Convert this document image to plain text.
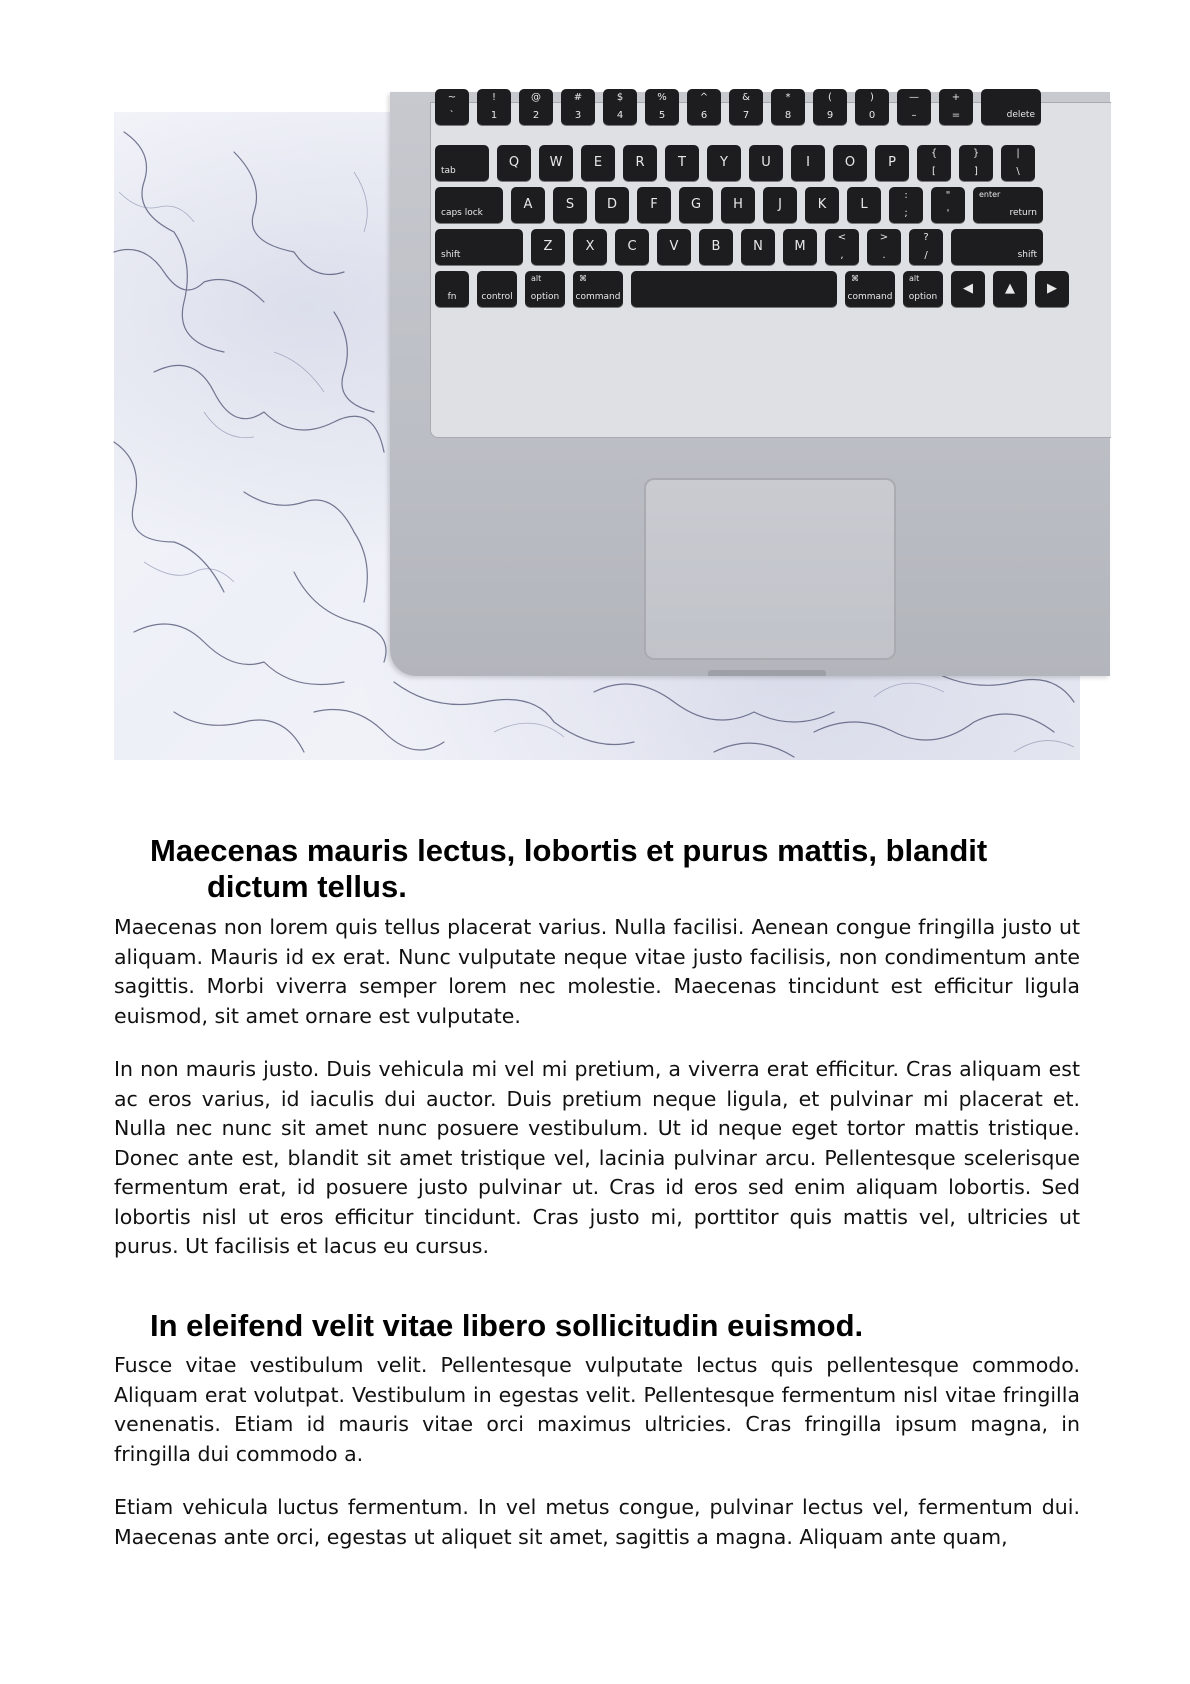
~
`
!
1
@
2
#
3
$
4
%
5
^
6
&
7
*
8
(
9
)
0
—
–
+
=	delete
tab
Q	W	E	R	T	Y	U	I	O	P
{
[
}
]
|
\
caps lock
A	S	D	F	G	H	J	K	L
:
;
"
'
enter
return
shift
Z	X	C	V	B	N	M
<
,
>
.
?
/	shift
fn	control
alt
option
⌘
command
⌘
command
alt
option
◀	▲	▶
Maecenas mauris lectus, lobortis et purus mattis, blandit
dictum tellus.

Maecenas non lorem quis tellus placerat varius. Nulla facilisi. Aenean congue fringilla justo ut aliquam. Mauris id ex erat. Nunc vulputate neque vitae justo facilisis, non condimentum ante sagittis. Morbi viverra semper lorem nec molestie. Maecenas tincidunt est efficitur ligula euismod, sit amet ornare est vulputate.

In non mauris justo. Duis vehicula mi vel mi pretium, a viverra erat efficitur. Cras aliquam est ac eros varius, id iaculis dui auctor. Duis pretium neque ligula, et pulvinar mi placerat et. Nulla nec nunc sit amet nunc posuere vestibulum. Ut id neque eget tortor mattis tristique. Donec ante est, blandit sit amet tristique vel, lacinia pulvinar arcu. Pellentesque scelerisque fermentum erat, id posuere justo pulvinar ut. Cras id eros sed enim aliquam lobortis. Sed lobortis nisl ut eros efficitur tincidunt. Cras justo mi, porttitor quis mattis vel, ultricies ut purus. Ut facilisis et lacus eu cursus.

In eleifend velit vitae libero sollicitudin euismod.

Fusce vitae vestibulum velit. Pellentesque vulputate lectus quis pellentesque commodo. Aliquam erat volutpat. Vestibulum in egestas velit. Pellentesque fermentum nisl vitae fringilla venenatis. Etiam id mauris vitae orci maximus ultricies. Cras fringilla ipsum magna, in fringilla dui commodo a.

Etiam vehicula luctus fermentum. In vel metus congue, pulvinar lectus vel, fermentum dui. Maecenas ante orci, egestas ut aliquet sit amet, sagittis a magna. Aliquam ante quam,
